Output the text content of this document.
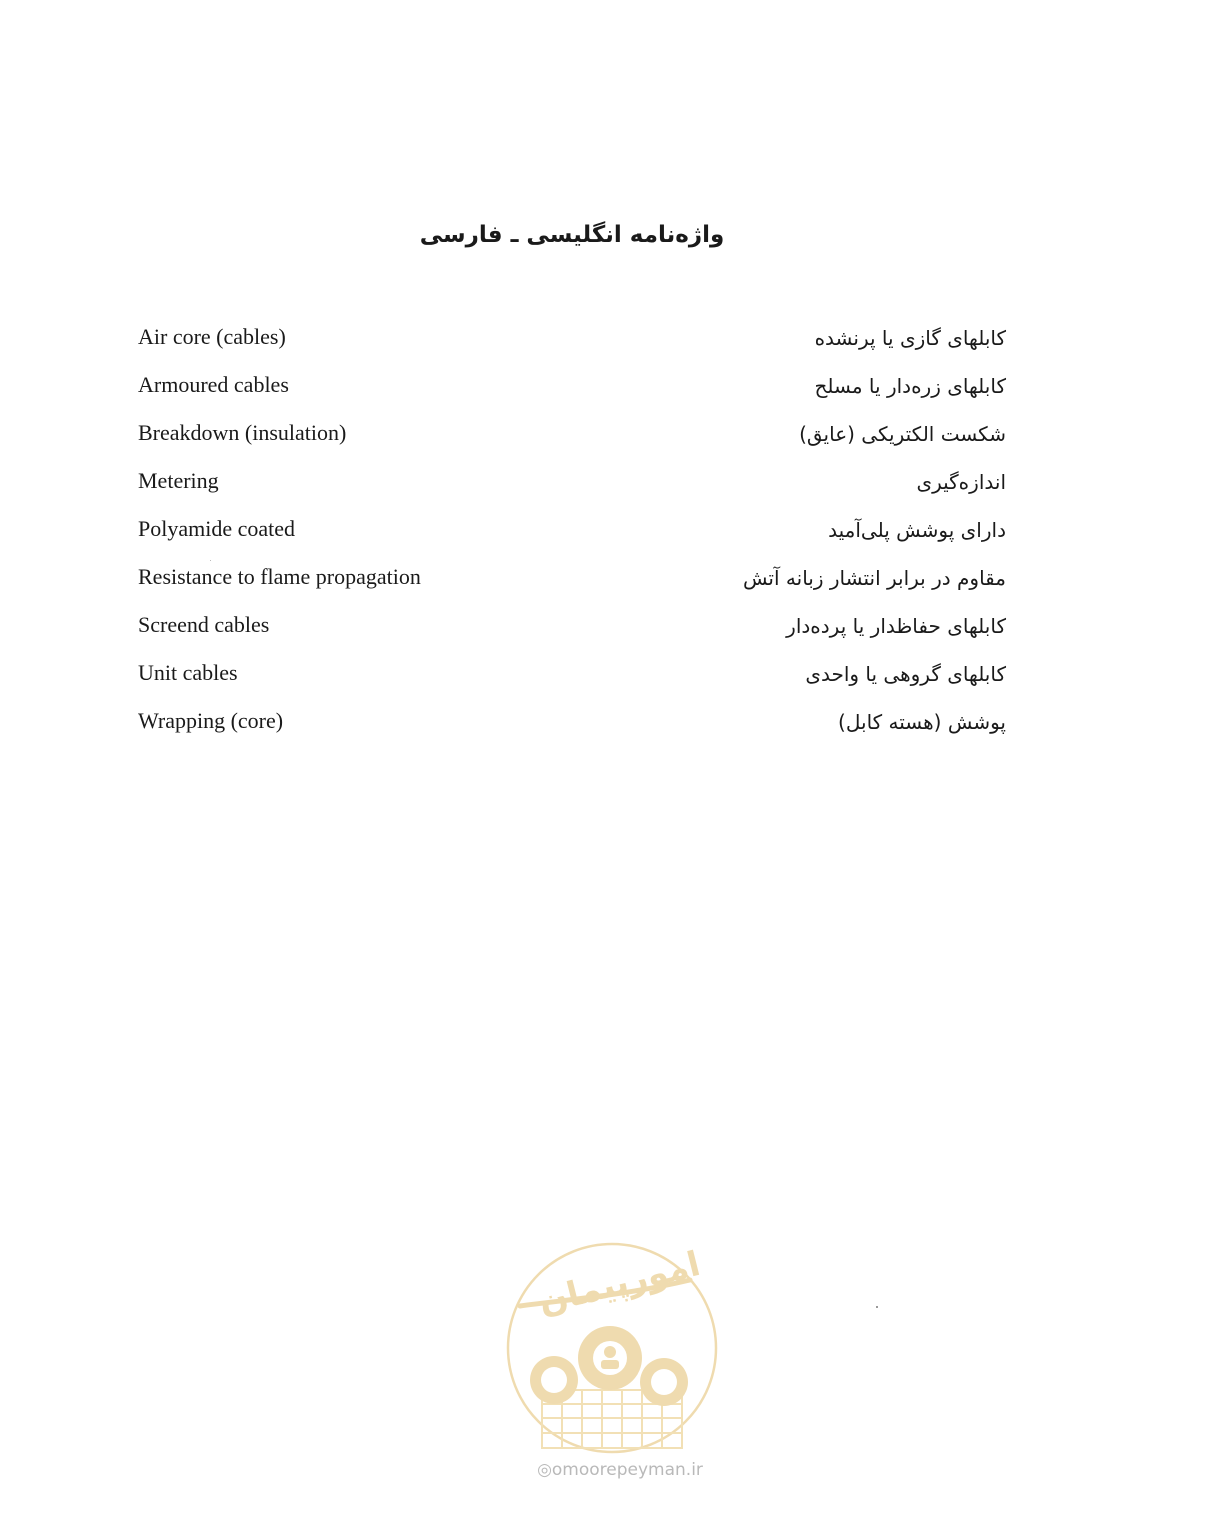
واژه‌نامه انگلیسی ـ فارسی
Air core (cables)	کابلهای گازی یا پرنشده
Armoured cables	کابلهای زره‌دار یا مسلح
Breakdown (insulation)	شکست الکتریکی (عایق)
Metering	اندازه‌گیری
Polyamide coated	دارای پوشش پلی‌آمید
Resistance to flame propagation	مقاوم در برابر انتشار زبانه آتش
Screend cables	کابلهای حفاظدار یا پرده‌دار
Unit cables	کابلهای گروهی یا واحدی
Wrapping (core)	پوشش (هسته کابل)
امورپیمان
◎omoorepeyman.ir
